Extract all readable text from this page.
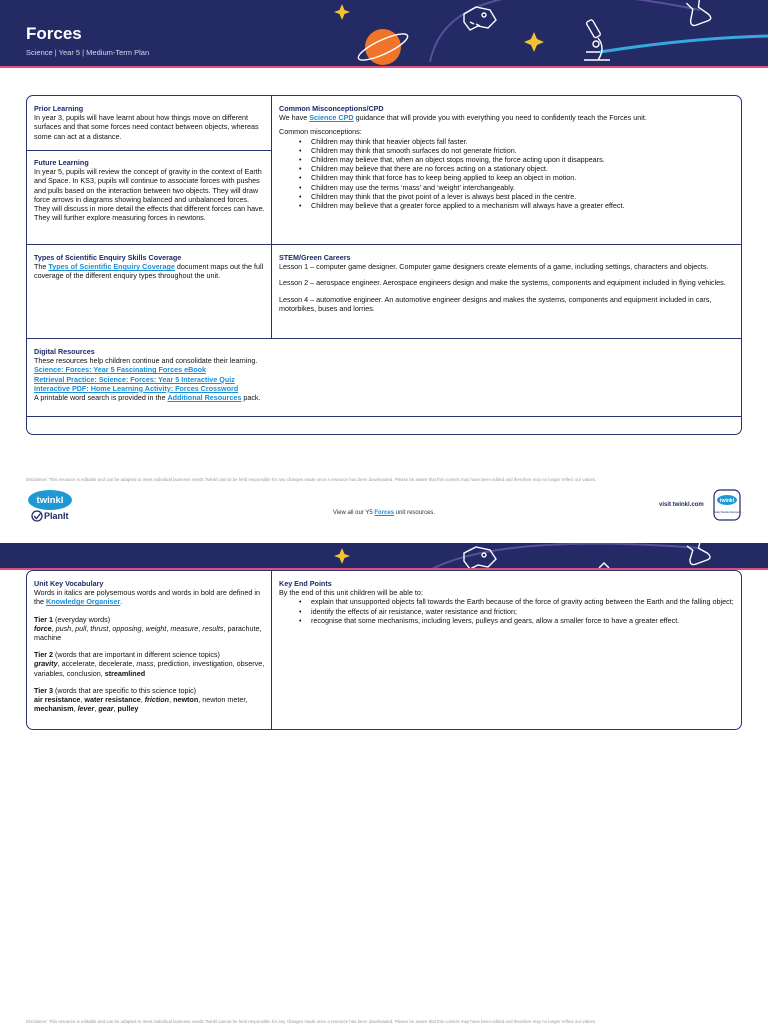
Forces
Science | Year 5 | Medium-Term Plan
Prior Learning
In year 3, pupils will have learnt about how things move on different surfaces and that some forces need contact between objects, whereas some can act at a distance.
Future Learning
In year 5, pupils will review the concept of gravity in the context of Earth and Space. In KS3, pupils will continue to associate forces with pushes and pulls based on the interaction between two objects. They will draw force arrows in diagrams showing balanced and unbalanced forces. They will discuss in more detail the effects that different forces can have. They will further explore measuring forces in newtons.
Common Misconceptions/CPD
We have Science CPD guidance that will provide you with everything you need to confidently teach the Forces unit.

Common misconceptions:

• Children may think that heavier objects fall faster.
• Children may think that smooth surfaces do not generate friction.
• Children may believe that, when an object stops moving, the force acting upon it disappears.
• Children may believe that there are no forces acting on a stationary object.
• Children may think that force has to keep being applied to keep an object in motion.
• Children may use the terms ‘mass’ and ‘weight’ interchangeably.
• Children may think that the pivot point of a lever is always best placed in the centre.
• Children may believe that a greater force applied to a mechanism will always have a greater effect.
Types of Scientific Enquiry Skills Coverage
The Types of Scientific Enquiry Coverage document maps out the full coverage of the different enquiry types throughout the unit.
STEM/Green Careers
Lesson 1 – computer game designer. Computer game designers create elements of a game, including settings, characters and objects.

Lesson 2 – aerospace engineer. Aerospace engineers design and make the systems, components and equipment included in flying vehicles.

Lesson 4 – automotive engineer. An automotive engineer designs and makes the systems, components and equipment included in cars, motorbikes, buses and lorries.

Digital Resources
These resources help children continue and consolidate their learning.
Science: Forces: Year 5 Fascinating Forces eBook
Retrieval Practice: Science: Forces: Year 5 Interactive Quiz
Interactive PDF: Home Learning Activity: Forces Crossword
A printable word search is provided in the Additional Resources pack.
Disclaimer: This resource is editable and can be adapted to meet individual business needs.Twinkl cannot be held responsible for any changes made once a resource has been downloaded. Please be aware that this content may have been edited and therefore may no longer reflect our values.
twinkl
PlanIt	View all our Y5 Forces unit resources.
visit twinkl.com
twinkl
Quality Standard Approved
Unit Key Vocabulary
Words in italics are polysemous words and words in bold are defined in the Knowledge Organiser.

Tier 1 (everyday words)

force, push, pull, thrust, opposing, weight, measure, results, parachute, machine

Tier 2 (words that are important in different science topics)

gravity, accelerate, decelerate, mass, prediction, investigation, observe, variables, conclusion, streamlined

Tier 3 (words that are specific to this science topic)

air resistance, water resistance, friction, newton, newton meter, mechanism, lever, gear, pulley
Key End Points
By the end of this unit children will be able to:
• explain that unsupported objects fall towards the Earth because of the force of gravity acting between the Earth and the falling object;
• identify the effects of air resistance, water resistance and friction;
• recognise that some mechanisms, including levers, pulleys and gears, allow a smaller force to have a greater effect.
Disclaimer: This resource is editable and can be adapted to meet individual business needs.Twinkl cannot be held responsible for any changes made once a resource has been downloaded. Please be aware that this content may have been edited and therefore may no longer reflect our values.
